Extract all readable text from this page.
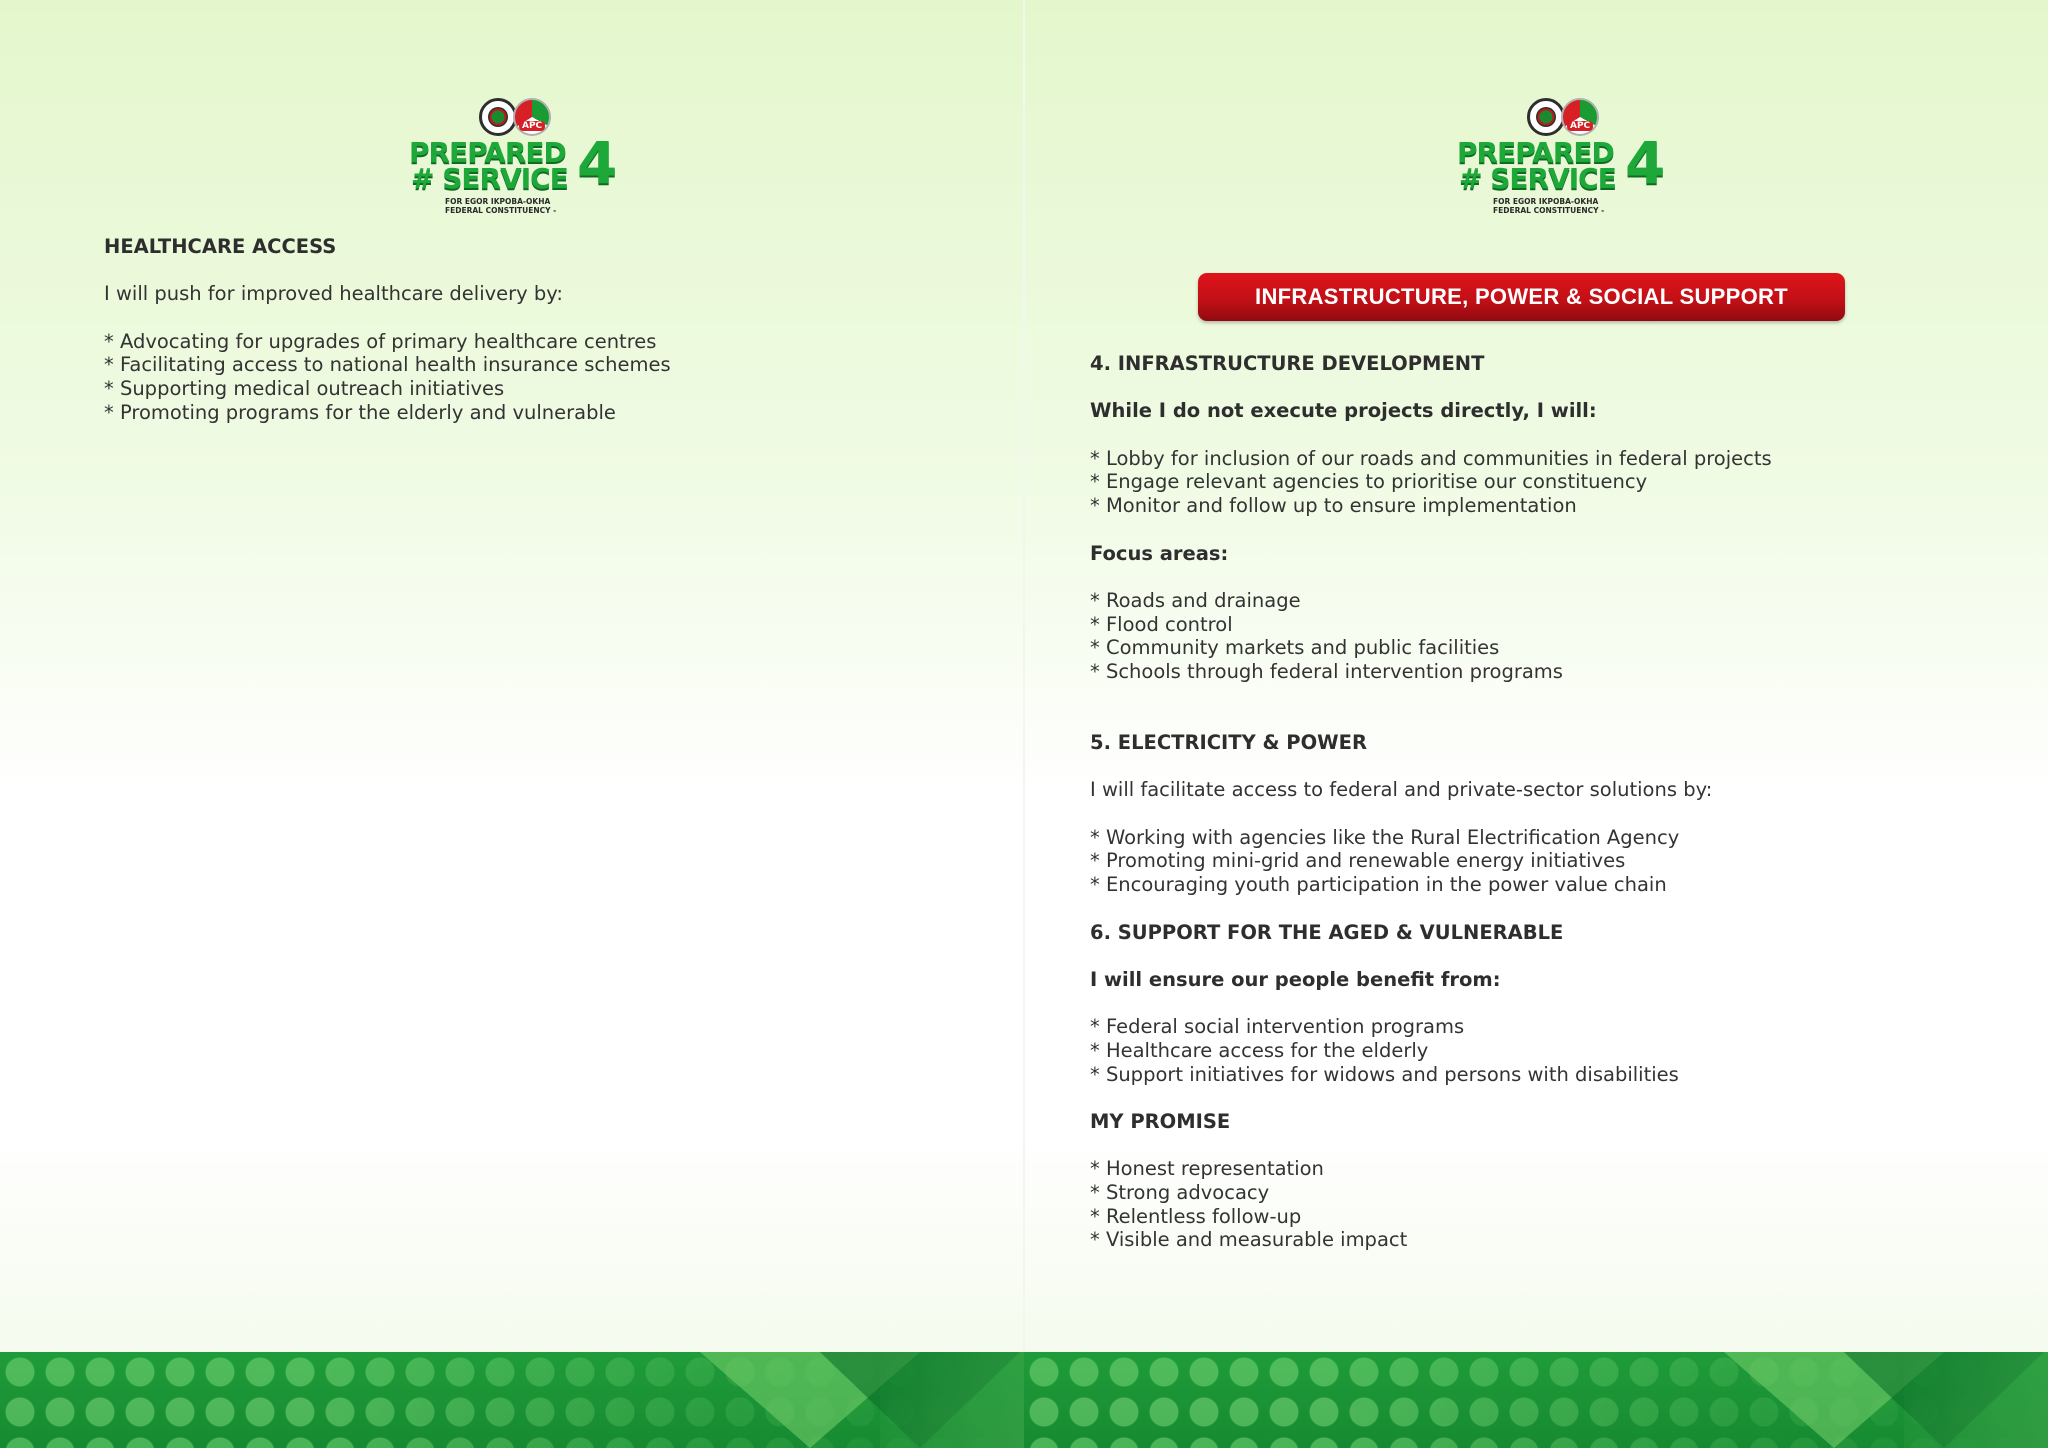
APC
PREPARED
# SERVICE 4
FOR EGOR IKPOBA-OKHA
FEDERAL CONSTITUENCY -
HEALTHCARE ACCESS
I will push for improved healthcare delivery by:
* Advocating for upgrades of primary healthcare centres
* Facilitating access to national health insurance schemes
* Supporting medical outreach initiatives
* Promoting programs for the elderly and vulnerable
APC
PREPARED
# SERVICE 4
FOR EGOR IKPOBA-OKHA
FEDERAL CONSTITUENCY -
INFRASTRUCTURE, POWER & SOCIAL SUPPORT
4. INFRASTRUCTURE DEVELOPMENT
While I do not execute projects directly, I will:
* Lobby for inclusion of our roads and communities in federal projects
* Engage relevant agencies to prioritise our constituency
* Monitor and follow up to ensure implementation
Focus areas:
* Roads and drainage
* Flood control
* Community markets and public facilities
* Schools through federal intervention programs
5. ELECTRICITY & POWER
I will facilitate access to federal and private-sector solutions by:
* Working with agencies like the Rural Electrification Agency
* Promoting mini-grid and renewable energy initiatives
* Encouraging youth participation in the power value chain
6. SUPPORT FOR THE AGED & VULNERABLE
I will ensure our people benefit from:
* Federal social intervention programs
* Healthcare access for the elderly
* Support initiatives for widows and persons with disabilities
MY PROMISE
* Honest representation
* Strong advocacy
* Relentless follow-up
* Visible and measurable impact
